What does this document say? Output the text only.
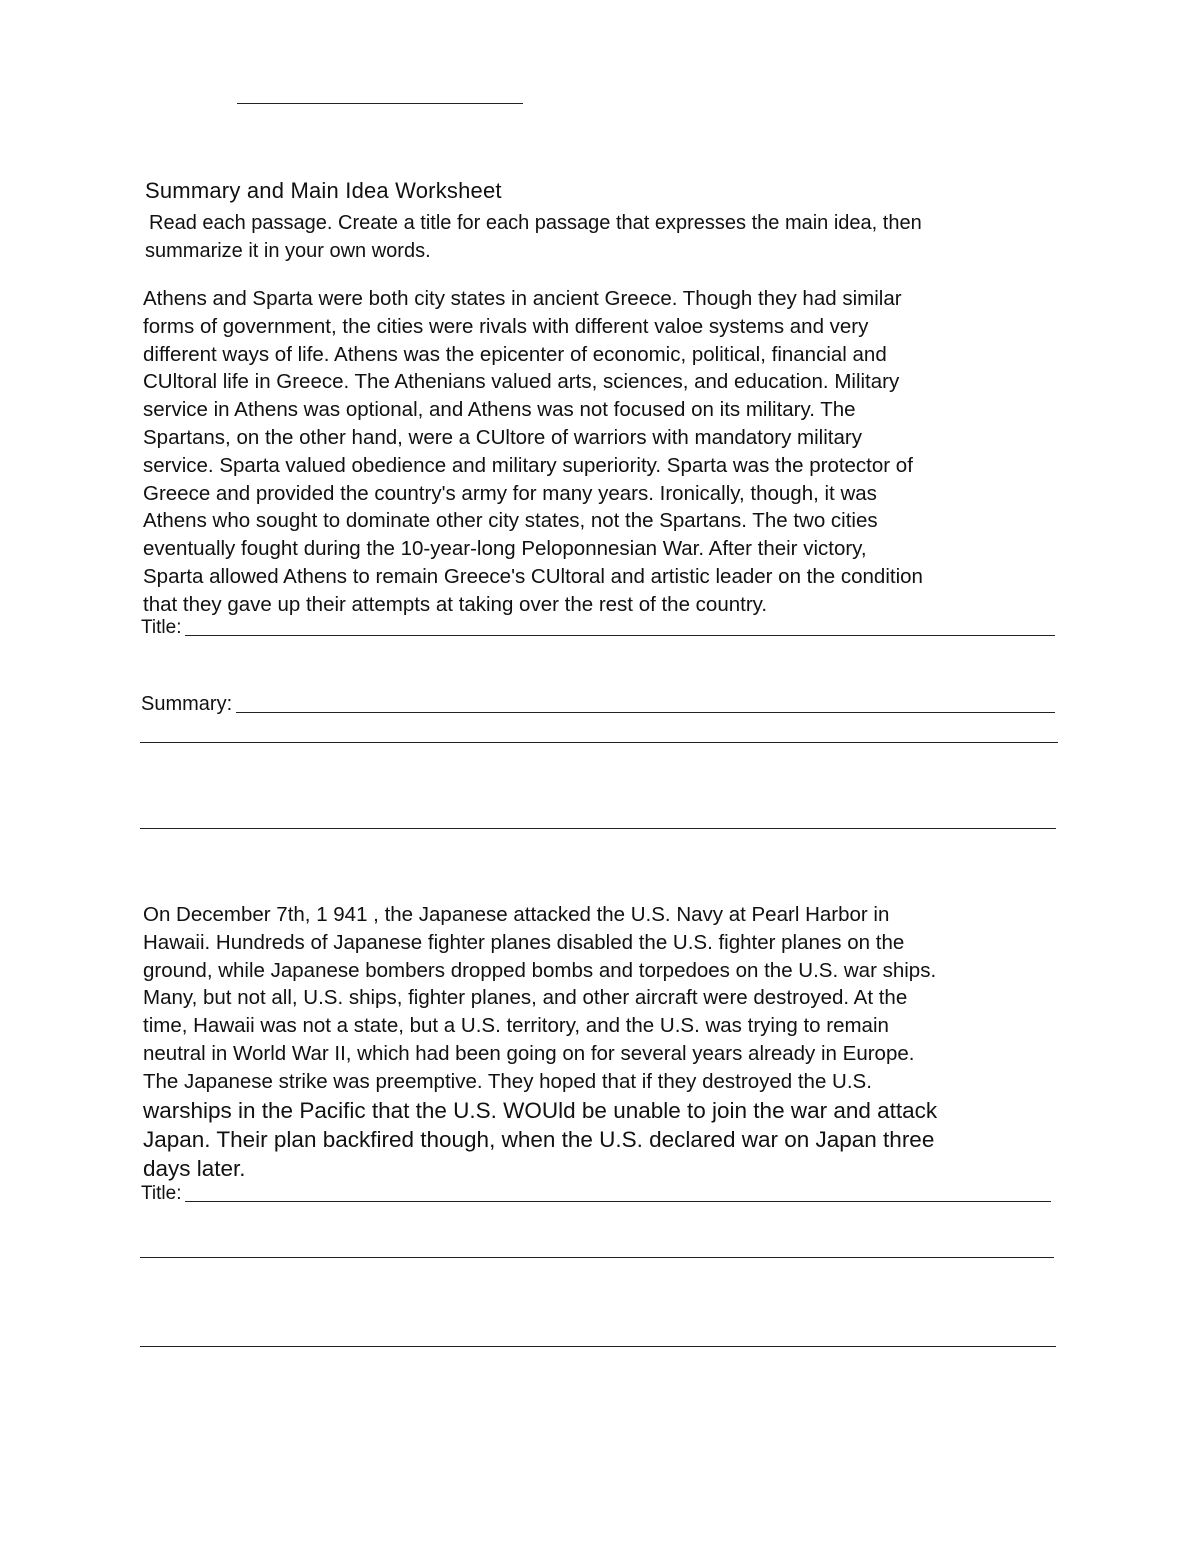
Summary and Main Idea Worksheet
Read each passage. Create a title for each passage that expresses the main idea, then
summarize it in your own words.
Athens and Sparta were both city states in ancient Greece. Though they had similar
forms of government, the cities were rivals with different valoe systems and very
different ways of life. Athens was the epicenter of economic, political, financial and
CUltoral life in Greece. The Athenians valued arts, sciences, and education. Military
service in Athens was optional, and Athens was not focused on its military. The
Spartans, on the other hand, were a CUltore of warriors with mandatory military
service. Sparta valued obedience and military superiority. Sparta was the protector of
Greece and provided the country's army for many years. Ironically, though, it was
Athens who sought to dominate other city states, not the Spartans. The two cities
eventually fought during the 10-year-long Peloponnesian War. After their victory,
Sparta allowed Athens to remain Greece's CUltoral and artistic leader on the condition
that they gave up their attempts at taking over the rest of the country.
Title:
Summary:
On December 7th, 1 941 , the Japanese attacked the U.S. Navy at Pearl Harbor in
Hawaii. Hundreds of Japanese fighter planes disabled the U.S. fighter planes on the
ground, while Japanese bombers dropped bombs and torpedoes on the U.S. war ships.
Many, but not all, U.S. ships, fighter planes, and other aircraft were destroyed. At the
time, Hawaii was not a state, but a U.S. territory, and the U.S. was trying to remain
neutral in World War II, which had been going on for several years already in Europe.
The Japanese strike was preemptive. They hoped that if they destroyed the U.S.
warships in the Pacific that the U.S. WOUld be unable to join the war and attack
Japan. Their plan backfired though, when the U.S. declared war on Japan three
days later.
Title:
